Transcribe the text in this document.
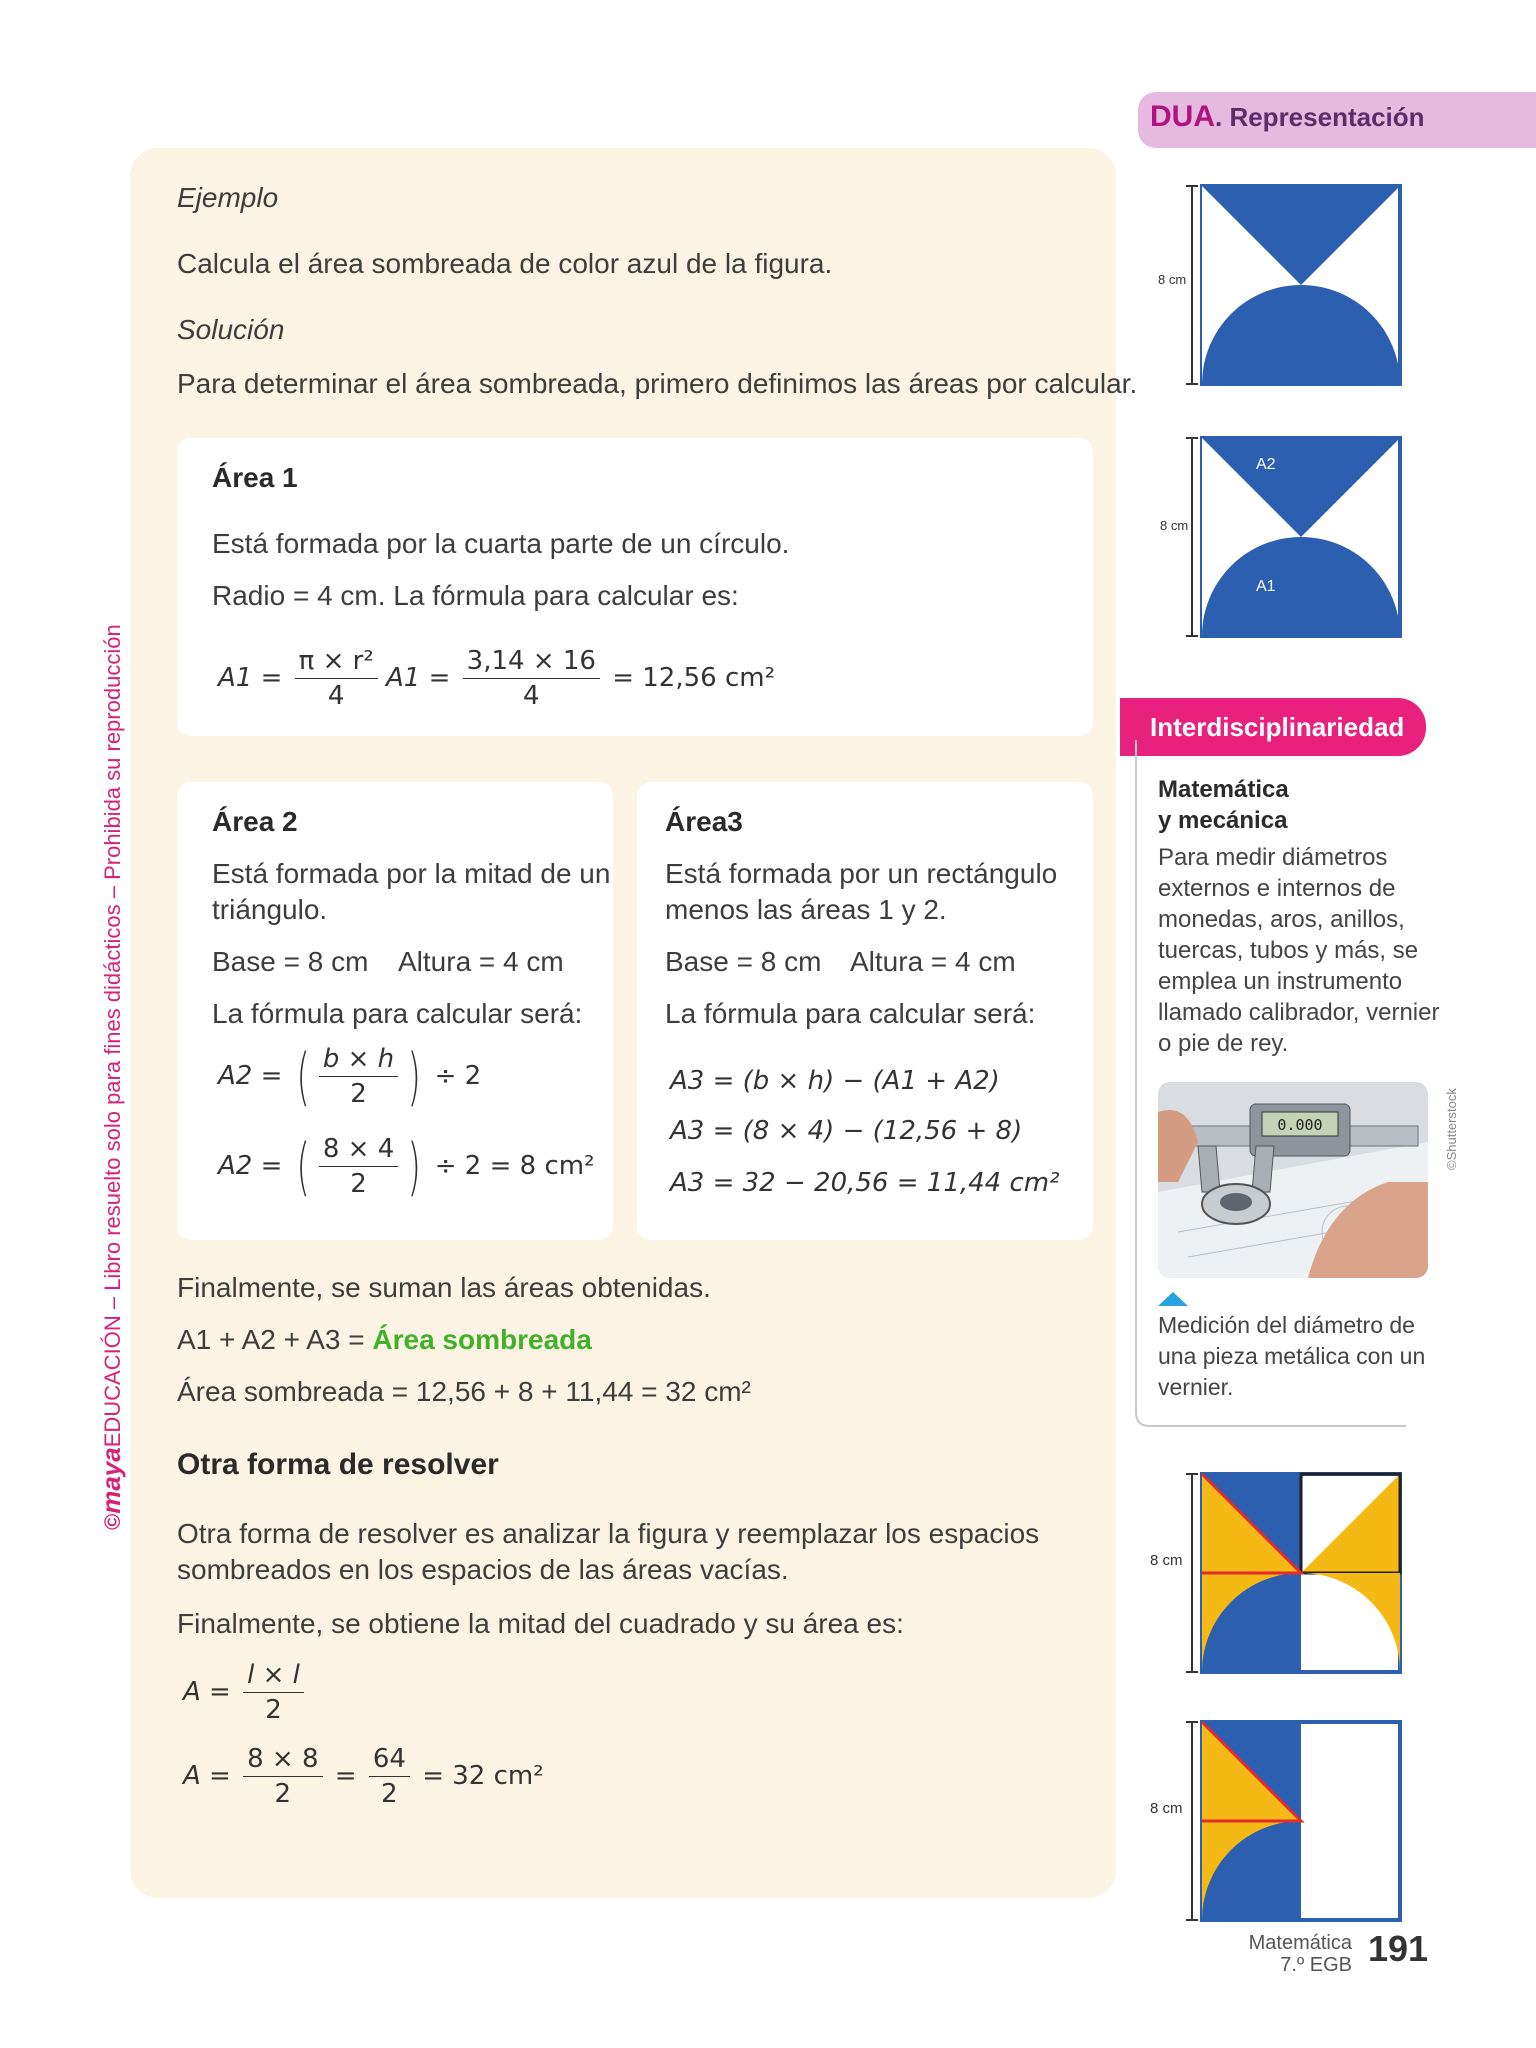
©mayaEDUCACIÓN – Libro resuelto solo para fines didácticos – Prohibida su reproducción
Ejemplo
Calcula el área sombreada de color azul de la figura.
Solución
Para determinar el área sombreada, primero definimos las áreas por calcular.
Área 1
Está formada por la cuarta parte de un círculo.
Radio = 4 cm. La fórmula para calcular es:
$A1 = \frac{\text{π × r²}}{4} A1 = \frac{3,14 \times 16}{4} = 12,56$ cm²
Área 2
Está formada por la mitad de un triángulo.
Base = 8 cm Altura = 4 cm
La fórmula para calcular será:
A2 = ( $\frac{b \times h}{2}$ ) ÷ 2
A2 = ( $\frac{8 \times 4}{2}$ ) ÷ 2 = 8 cm²
Área3
Está formada por un rectángulo menos las áreas 1 y 2.
Base = 8 cm Altura = 4 cm
La fórmula para calcular será:
A3 = (b × h) − (A1 + A2)
A3 = (8 × 4) − (12,56 + 8)
A3 = 32 − 20,56 = 11,44 cm²
Finalmente, se suman las áreas obtenidas.
A1 + A2 + A3 = Área sombreada
Área sombreada = 12,56 + 8 + 11,44 = 32 cm²
Otra forma de resolver
Otra forma de resolver es analizar la figura y reemplazar los espacios sombreados en los espacios de las áreas vacías.
Finalmente, se obtiene la mitad del cuadrado y su área es:
$A = \frac{l \times l}{2}$
$A = \frac{8 \times 8}{2} = \frac{64}{2} = 32$ cm²
DUA. Representación
8 cm
8 cm
A2
A3
A1
Interdisciplinariedad
Matemática
y mecánica
Para medir diámetros externos e internos de monedas, aros, anillos, tuercas, tubos y más, se emplea un instrumento llamado calibrador, vernier o pie de rey.
0.000	©Shutterstock
Medición del diámetro de una pieza metálica con un vernier.
8 cm
8 cm
Matemática
7.º EGB 191
